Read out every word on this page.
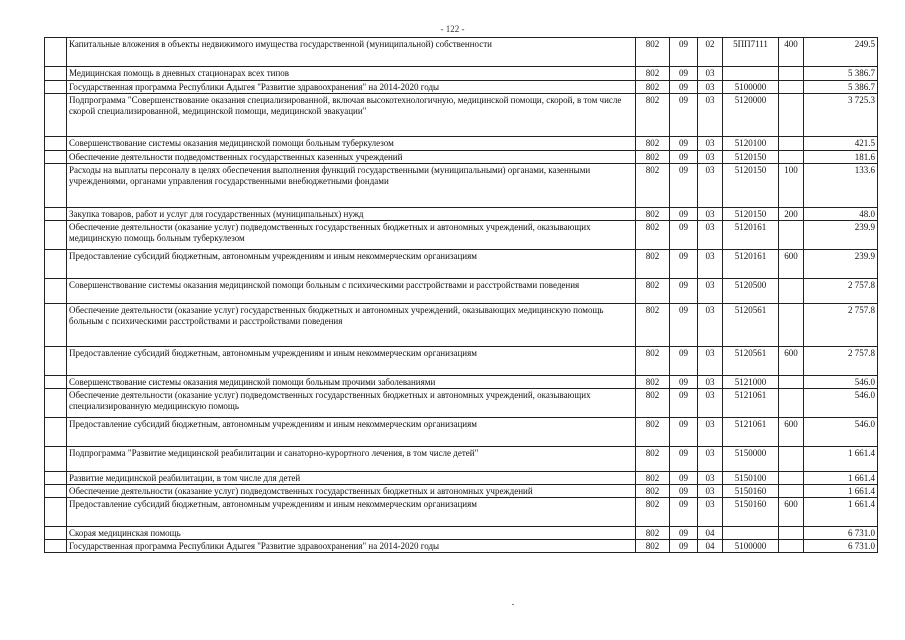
- 122 -
	Капитальные вложения в объекты недвижимого имущества государственной (муниципальной) собственности	802	09	02	5ПП7111	400	249.5
	Медицинская помощь в дневных стационарах всех типов	802	09	03			5 386.7
	Государственная программа Республики Адыгея "Развитие здравоохранения" на 2014-2020 годы	802	09	03	5100000		5 386.7
	Подпрограмма "Совершенствование оказания специализированной, включая высокотехнологичную, медицинской помощи, скорой, в том числе скорой специализированной, медицинской помощи, медицинской эвакуации"	802	09	03	5120000		3 725.3
	Совершенствование системы оказания медицинской помощи больным туберкулезом	802	09	03	5120100		421.5
	Обеспечение деятельности подведомственных государственных казенных учреждений	802	09	03	5120150		181.6
	Расходы на выплаты персоналу в целях обеспечения выполнения функций государственными (муниципальными) органами, казенными учреждениями, органами управления государственными внебюджетными фондами	802	09	03	5120150	100	133.6
	Закупка товаров, работ и услуг для государственных (муниципальных) нужд	802	09	03	5120150	200	48.0
	Обеспечение деятельности (оказание услуг) подведомственных государственных бюджетных и автономных учреждений, оказывающих медицинскую помощь больным туберкулезом	802	09	03	5120161		239.9
	Предоставление субсидий бюджетным, автономным учреждениям и иным некоммерческим организациям	802	09	03	5120161	600	239.9
	Совершенствование системы оказания медицинской помощи больным с психическими расстройствами и расстройствами поведения	802	09	03	5120500		2 757.8
	Обеспечение деятельности (оказание услуг) государственных бюджетных и автономных учреждений, оказывающих медицинскую помощь больным с психическими расстройствами и расстройствами поведения	802	09	03	5120561		2 757.8
	Предоставление субсидий бюджетным, автономным учреждениям и иным некоммерческим организациям	802	09	03	5120561	600	2 757.8
	Совершенствование системы оказания медицинской помощи больным прочими заболеваниями	802	09	03	5121000		546.0
	Обеспечение деятельности (оказание услуг) подведомственных государственных бюджетных и автономных учреждений, оказывающих специализированную медицинскую помощь	802	09	03	5121061		546.0
	Предоставление субсидий бюджетным, автономным учреждениям и иным некоммерческим организациям	802	09	03	5121061	600	546.0
	Подпрограмма "Развитие медицинской реабилитации и санаторно-курортного лечения, в том числе детей"	802	09	03	5150000		1 661.4
	Развитие медицинской реабилитации, в том числе для детей	802	09	03	5150100		1 661.4
	Обеспечение деятельности (оказание услуг) подведомственных государственных бюджетных и автономных учреждений	802	09	03	5150160		1 661.4
	Предоставление субсидий бюджетным, автономным учреждениям и иным некоммерческим организациям	802	09	03	5150160	600	1 661.4
	Скорая медицинская помощь	802	09	04			6 731.0
	Государственная программа Республики Адыгея "Развитие здравоохранения" на 2014-2020 годы	802	09	04	5100000		6 731.0
